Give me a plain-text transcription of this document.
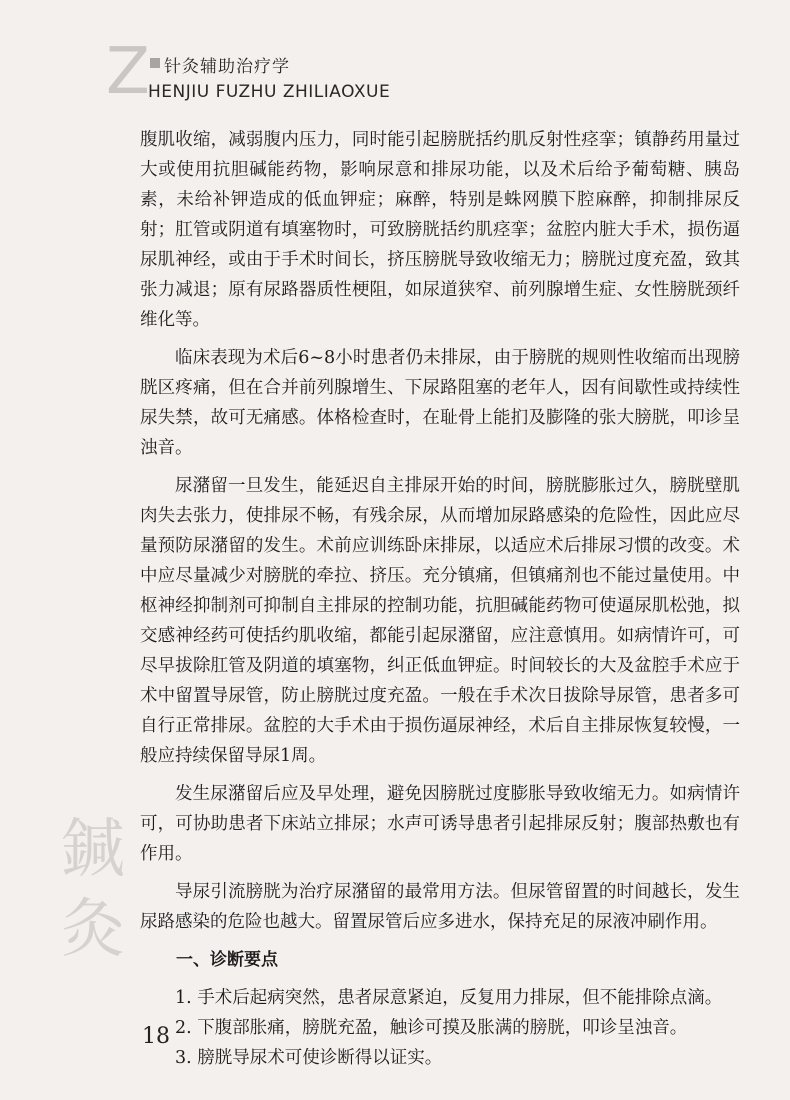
Z 针灸辅助治疗学
HENJIU FUZHU ZHILIAOXUE

腹肌收缩，减弱腹内压力，同时能引起膀胱括约肌反射性痉挛；镇静药用量过大或使用抗胆碱能药物，影响尿意和排尿功能，以及术后给予葡萄糖、胰岛素，未给补钾造成的低血钾症；麻醉，特别是蛛网膜下腔麻醉，抑制排尿反射；肛管或阴道有填塞物时，可致膀胱括约肌痉挛；盆腔内脏大手术，损伤逼尿肌神经，或由于手术时间长，挤压膀胱导致收缩无力；膀胱过度充盈，致其张力减退；原有尿路器质性梗阻，如尿道狭窄、前列腺增生症、女性膀胱颈纤维化等。

临床表现为术后6~8小时患者仍未排尿，由于膀胱的规则性收缩而出现膀胱区疼痛，但在合并前列腺增生、下尿路阻塞的老年人，因有间歇性或持续性尿失禁，故可无痛感。体格检查时，在耻骨上能扪及膨隆的张大膀胱，叩诊呈浊音。

尿潴留一旦发生，能延迟自主排尿开始的时间，膀胱膨胀过久，膀胱壁肌肉失去张力，使排尿不畅，有残余尿，从而增加尿路感染的危险性，因此应尽量预防尿潴留的发生。术前应训练卧床排尿，以适应术后排尿习惯的改变。术中应尽量减少对膀胱的牵拉、挤压。充分镇痛，但镇痛剂也不能过量使用。中枢神经抑制剂可抑制自主排尿的控制功能，抗胆碱能药物可使逼尿肌松弛，拟交感神经药可使括约肌收缩，都能引起尿潴留，应注意慎用。如病情许可，可尽早拔除肛管及阴道的填塞物，纠正低血钾症。时间较长的大及盆腔手术应于术中留置导尿管，防止膀胱过度充盈。一般在手术次日拔除导尿管，患者多可自行正常排尿。盆腔的大手术由于损伤逼尿神经，术后自主排尿恢复较慢，一般应持续保留导尿1周。

发生尿潴留后应及早处理，避免因膀胱过度膨胀导致收缩无力。如病情许可，可协助患者下床站立排尿；水声可诱导患者引起排尿反射；腹部热敷也有作用。

导尿引流膀胱为治疗尿潴留的最常用方法。但尿管留置的时间越长，发生尿路感染的危险也越大。留置尿管后应多进水，保持充足的尿液冲刷作用。

一、诊断要点
1. 手术后起病突然，患者尿意紧迫，反复用力排尿，但不能排除点滴。
2. 下腹部胀痛，膀胱充盈，触诊可摸及胀满的膀胱，叩诊呈浊音。
3. 膀胱导尿术可使诊断得以证实。
鍼
灸
18
